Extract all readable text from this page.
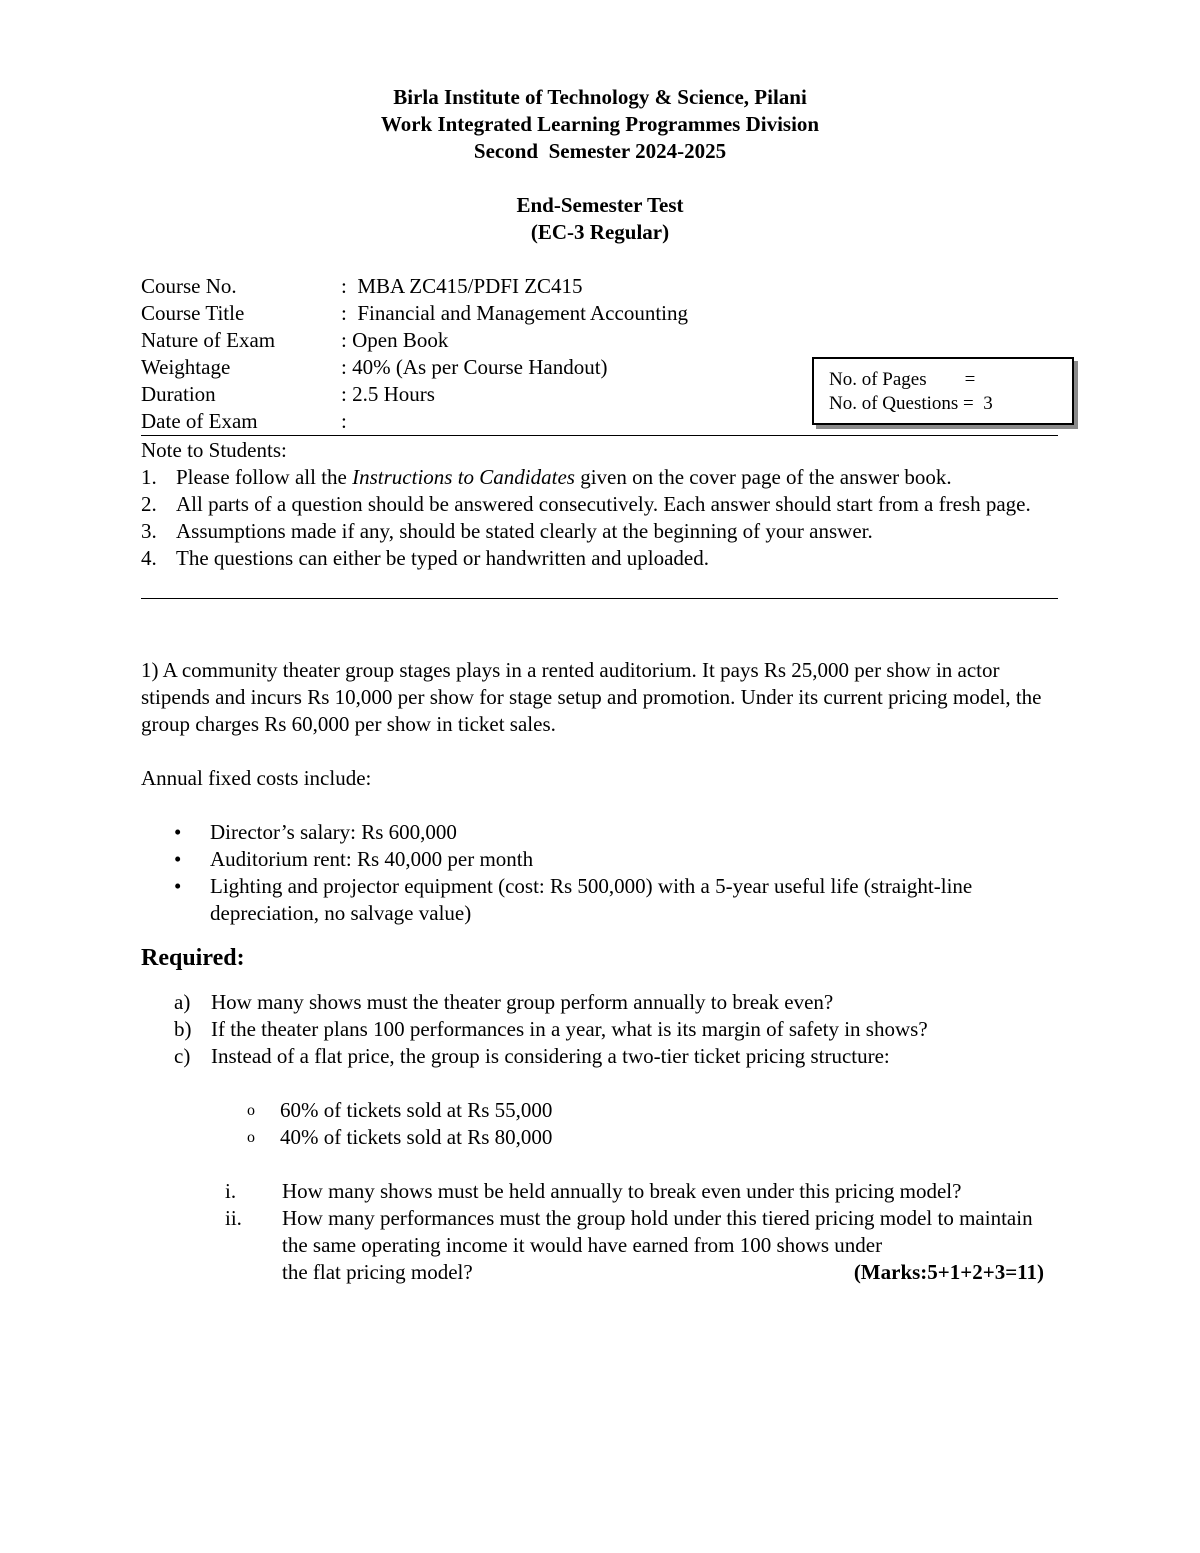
Birla Institute of Technology & Science, Pilani
Work Integrated Learning Programmes Division
Second  Semester 2024-2025
End-Semester Test
(EC-3 Regular)
Course No.	:  MBA ZC415/PDFI ZC415
Course Title	:  Financial and Management Accounting
Nature of Exam	: Open Book
Weightage	: 40% (As per Course Handout)
Duration	: 2.5 Hours
Date of Exam	:
No. of Pages        =
No. of Questions =  3
Note to Students:
1. Please follow all the Instructions to Candidates given on the cover page of the answer book.
2. All parts of a question should be answered consecutively. Each answer should start from a fresh page.
3. Assumptions made if any, should be stated clearly at the beginning of your answer.
4. The questions can either be typed or handwritten and uploaded.

1) A community theater group stages plays in a rented auditorium. It pays Rs 25,000 per show in actor stipends and incurs Rs 10,000 per show for stage setup and promotion. Under its current pricing model, the group charges Rs 60,000 per show in ticket sales.

Annual fixed costs include:

•	Director’s salary: Rs 600,000
•	Auditorium rent: Rs 40,000 per month
•	Lighting and projector equipment (cost: Rs 500,000) with a 5-year useful life (straight-line depreciation, no salvage value)
Required:
a) How many shows must the theater group perform annually to break even?
b) If the theater plans 100 performances in a year, what is its margin of safety in shows?
c) Instead of a flat price, the group is considering a two-tier ticket pricing structure:
o	60% of tickets sold at Rs 55,000
o	40% of tickets sold at Rs 80,000
i.	How many shows must be held annually to break even under this pricing model?
ii.	How many performances must the group hold under this tiered pricing model to maintain the same operating income it would have earned from 100 shows under
the flat pricing model?	(Marks:5+1+2+3=11)
